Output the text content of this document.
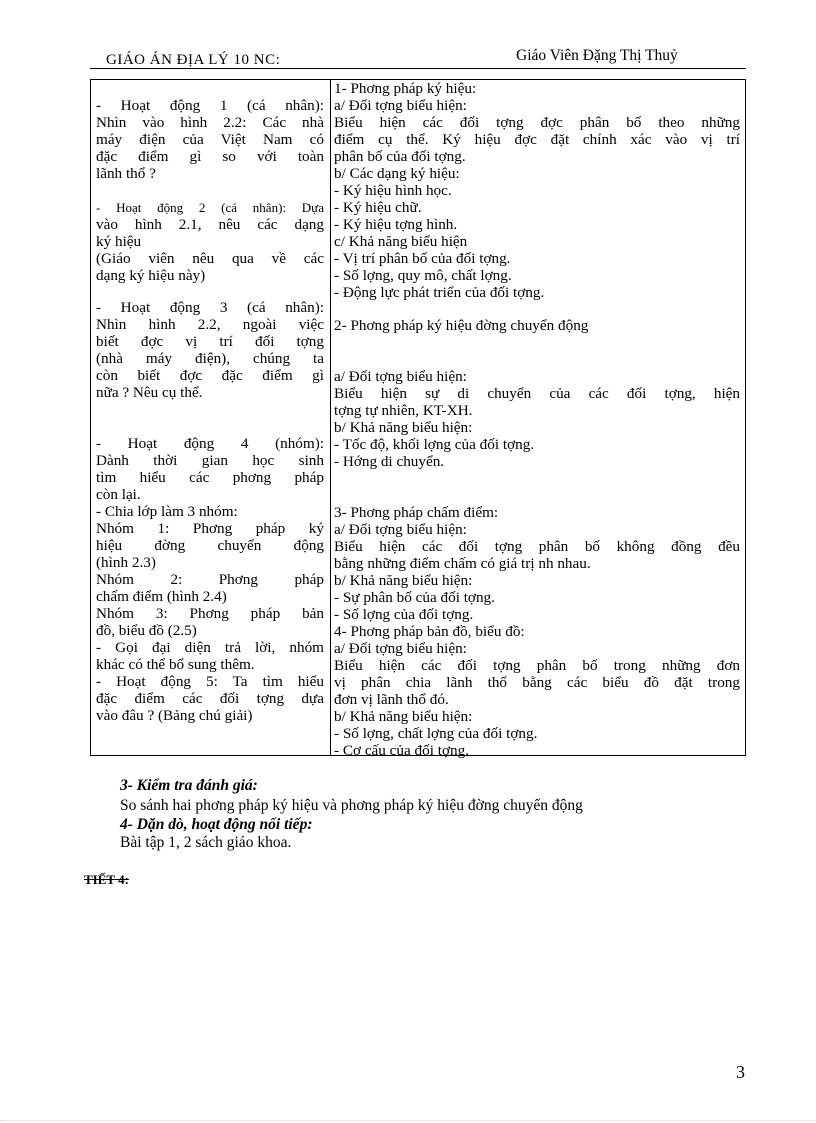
GIÁO ÁN ĐỊA LÝ 10 NC:	Giáo Viên Đặng Thị Thuỷ
- Hoạt động 1 (cá nhân):
Nhìn vào hình 2.2: Các nhà
máy điện của Việt Nam có
đặc điểm gì so với toàn
lãnh thổ ?
- Hoạt động 2 (cá nhân): Dựa
vào hình 2.1, nêu các dạng
ký hiệu
(Giáo viên nêu qua về các
dạng ký hiệu này)
- Hoạt động 3 (cá nhân):
Nhìn hình 2.2, ngoài việc
biết đợc vị trí đối tợng
(nhà máy điện), chúng ta
còn biết đợc đặc điểm gì
nữa ? Nêu cụ thể.
- Hoạt động 4 (nhóm):
Dành thời gian học sinh
tìm hiểu các phơng pháp
còn lại.
- Chia lớp làm 3 nhóm:
Nhóm 1: Phơng pháp ký
hiệu đờng chuyển động
(hình 2.3)
Nhóm 2: Phơng pháp
chấm điểm (hình 2.4)
Nhóm 3: Phơng pháp bản
đồ, biểu đồ (2.5)
- Gọi đại diện trả lời, nhóm
khác có thể bổ sung thêm.
- Hoạt động 5: Ta tìm hiểu
đặc điểm các đối tợng dựa
vào đâu ? (Bảng chú giải)
1- Phơng pháp ký hiệu:
a/ Đối tợng biểu hiện:
Biểu hiện các đối tợng đợc phân bố theo những
điểm cụ thể. Ký hiệu đợc đặt chính xác vào vị trí
phân bố của đối tợng.
b/ Các dạng ký hiệu:
- Ký hiệu hình học.
- Ký hiệu chữ.
- Ký hiệu tợng hình.
c/ Khả năng biểu hiện
- Vị trí phân bố của đối tợng.
- Số lợng, quy mô, chất lợng.
- Động lực phát triển của đối tợng.
2- Phơng pháp ký hiệu đờng chuyển động
a/ Đối tợng biểu hiện:
Biểu hiện sự di chuyển của các đối tợng, hiện
tợng tự nhiên, KT-XH.
b/ Khả năng biểu hiện:
- Tốc độ, khối lợng của đối tợng.
- Hớng di chuyển.
3- Phơng pháp chấm điểm:
a/ Đối tợng biểu hiện:
Biểu hiện các đối tợng phân bố không đồng đều
bằng những điểm chấm có giá trị nh nhau.
b/ Khả năng biểu hiện:
- Sự phân bố của đối tợng.
- Số lợng của đối tợng.
4- Phơng pháp bản đồ, biểu đồ:
a/ Đối tợng biểu hiện:
Biểu hiện các đối tợng phân bố trong những đơn
vị phân chia lãnh thổ bằng các biểu đồ đặt trong
đơn vị lãnh thổ đó.
b/ Khả năng biểu hiện:
- Số lợng, chất lợng của đối tợng.
- Cơ cấu của đối tợng.
3- Kiểm tra đánh giá:
So sánh hai phơng pháp ký hiệu và phơng pháp ký hiệu đờng chuyển động
4- Dặn dò, hoạt động nối tiếp:
Bài tập 1, 2 sách giáo khoa.
TIẾT 4:
3
